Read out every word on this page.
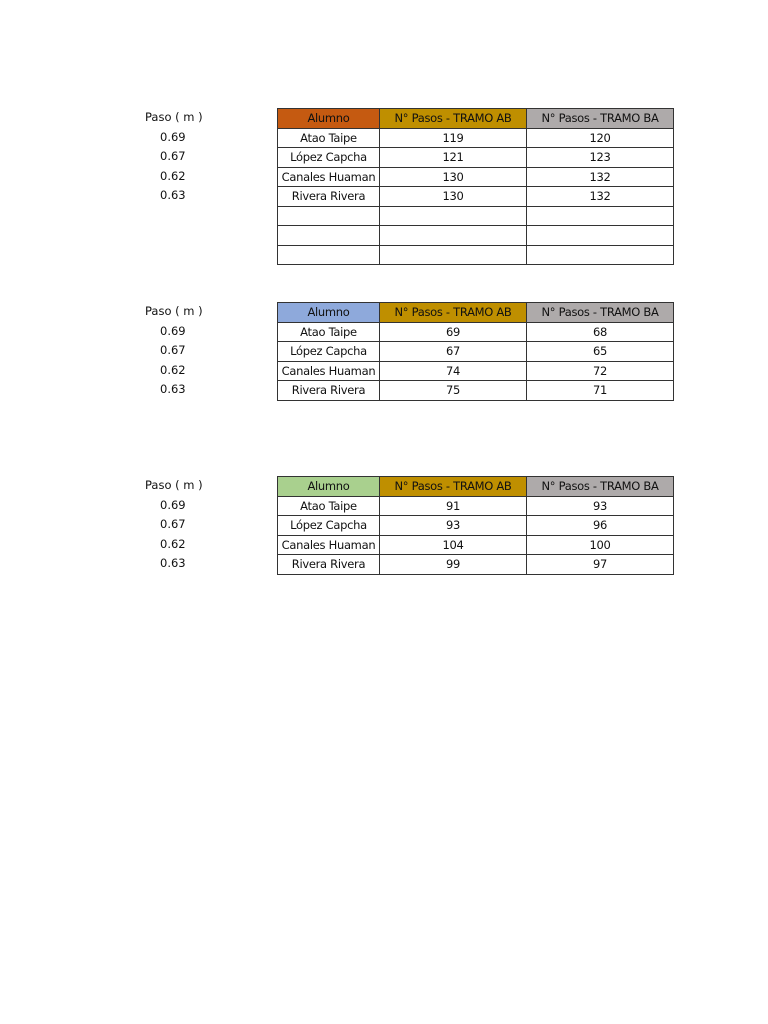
Paso ( m )
0.69
0.67
0.62
0.63
Alumno	N° Pasos - TRAMO AB	N° Pasos - TRAMO BA
Atao Taipe	119	120
López Capcha	121	123
Canales Huaman	130	132
Rivera Rivera	130	132

Paso ( m )
0.69
0.67
0.62
0.63
Alumno	N° Pasos - TRAMO AB	N° Pasos - TRAMO BA
Atao Taipe	69	68
López Capcha	67	65
Canales Huaman	74	72
Rivera Rivera	75	71
Paso ( m )
0.69
0.67
0.62
0.63
Alumno	N° Pasos - TRAMO AB	N° Pasos - TRAMO BA
Atao Taipe	91	93
López Capcha	93	96
Canales Huaman	104	100
Rivera Rivera	99	97
